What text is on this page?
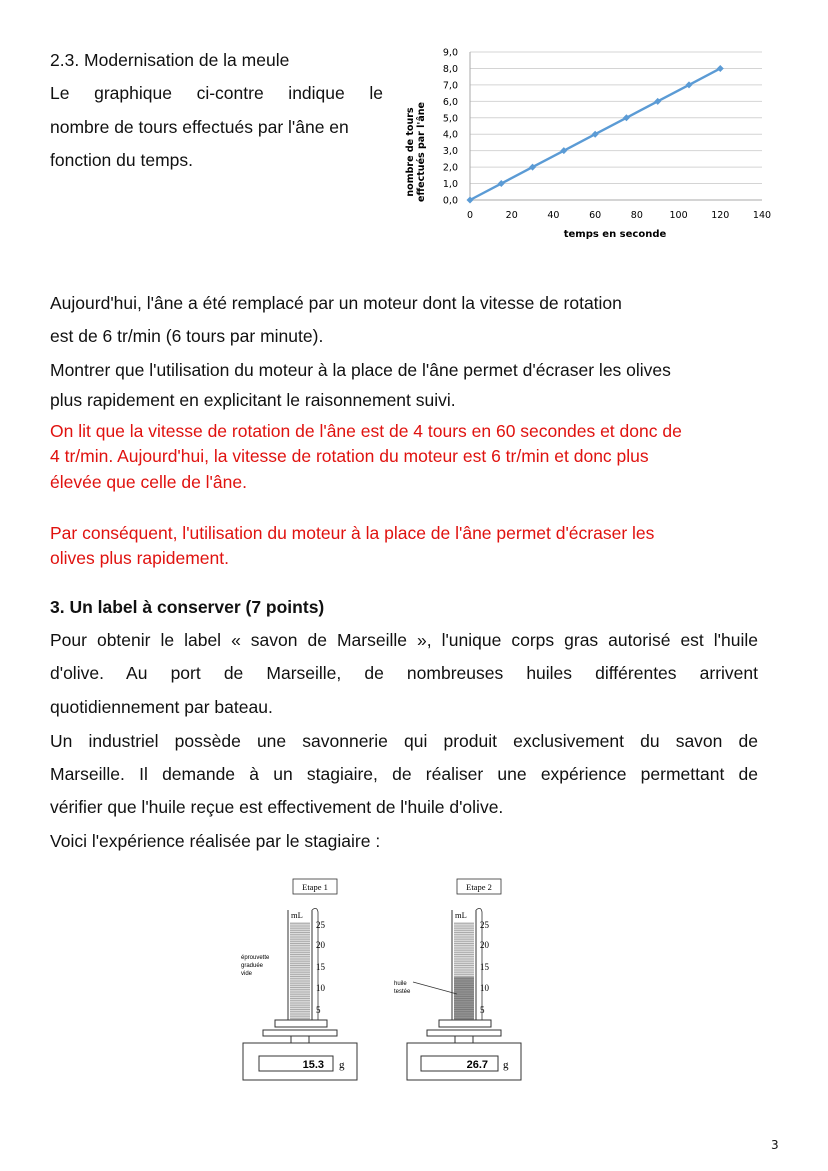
2.3. Modernisation de la meule
Le graphique ci-contre indique le
nombre de tours effectués par l'âne en
fonction du temps.
0,0
1,0
2,0
3,0
4,0
5,0
6,0
7,0
8,0
9,0
0	20	40	60	80	100 120 140
temps en seconde
nombre de tours effectués par l'âne
Aujourd'hui, l'âne a été remplacé par un moteur dont la vitesse de rotation
est de 6 tr/min (6 tours par minute).
Montrer que l'utilisation du moteur à la place de l'âne permet d'écraser les olives
plus rapidement en explicitant le raisonnement suivi.
On lit que la vitesse de rotation de l'âne est de 4 tours en 60 secondes et donc de
4 tr/min. Aujourd'hui, la vitesse de rotation du moteur est 6 tr/min et donc plus
élevée que celle de l'âne.
Par conséquent, l'utilisation du moteur à la place de l'âne permet d'écraser les
olives plus rapidement.
3. Un label à conserver (7 points)
Pour obtenir le label « savon de Marseille », l'unique corps gras autorisé est l'huile
d'olive. Au port de Marseille, de nombreuses huiles différentes arrivent
quotidiennement par bateau.
Un industriel possède une savonnerie qui produit exclusivement du savon de
Marseille. Il demande à un stagiaire, de réaliser une expérience permettant de
vérifier que l'huile reçue est effectivement de l'huile d'olive.
Voici l'expérience réalisée par le stagiaire :
Etape 1
mL
25
20
15
10
5
éprouvette
graduée
vide
15.3 g
Etape 2
mL
25
20
15
10
5
huile
testée
26.7 g
3
